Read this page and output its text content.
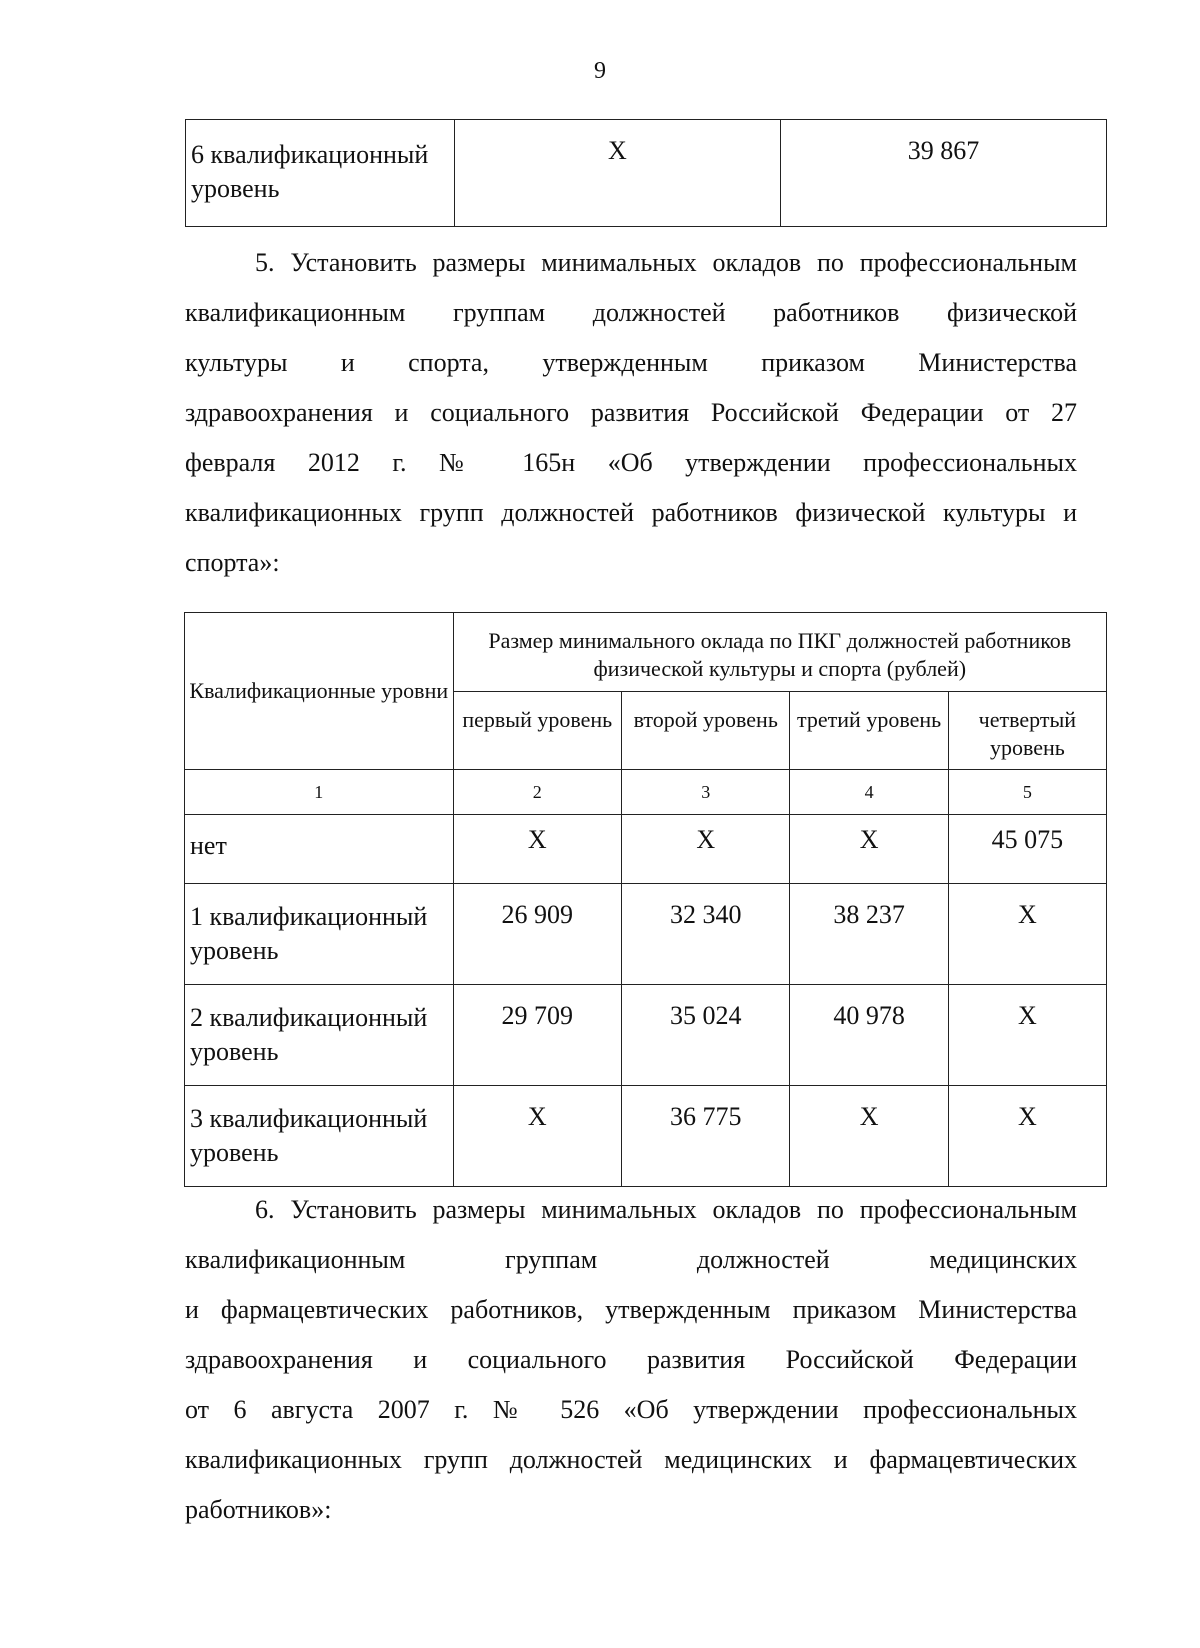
9
6 квалификационный уровень	Х	39 867
5. Установить размеры минимальных окладов по профессиональным
квалификационным группам должностей работников физической
культуры и спорта, утвержденным приказом Министерства
здравоохранения и социального развития Российской Федерации от 27
февраля 2012 г. № 165н «Об утверждении профессиональных
квалификационных групп должностей работников физической культуры и
спорта»:
Квалификационные уровни	Размер минимального оклада по ПКГ должностей работников физической культуры и спорта (рублей)			
	первый уровень	второй уровень	третий уровень	четвертый уровень
1	2	3	4	5
нет	Х	Х	Х	45 075
1 квалификационный уровень	26 909	32 340	38 237	Х
2 квалификационный уровень	29 709	35 024	40 978	Х
3 квалификационный уровень	Х	36 775	Х	Х
6. Установить размеры минимальных окладов по профессиональным
квалификационным группам должностей медицинских
и фармацевтических работников, утвержденным приказом Министерства
здравоохранения и социального развития Российской Федерации
от 6 августа 2007 г. № 526 «Об утверждении профессиональных
квалификационных групп должностей медицинских и фармацевтических
работников»:
